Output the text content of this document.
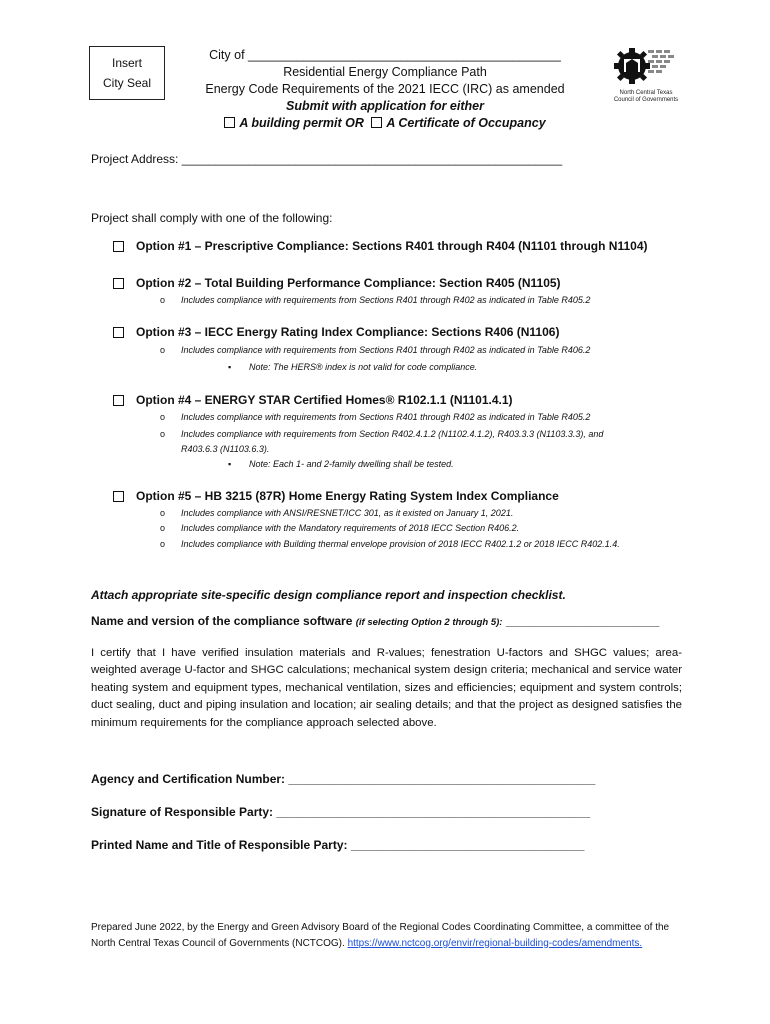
Insert
City Seal
City of _____________________________________________
Residential Energy Compliance Path
Energy Code Requirements of the 2021 IECC (IRC) as amended
Submit with application for either
A building permit OR A Certificate of Occupancy
North Central Texas
Council of Governments
Project Address: _________________________________________________________
Project shall comply with one of the following:
Option #1 – Prescriptive Compliance: Sections R401 through R404 (N1101 through N1104)
Option #2 – Total Building Performance Compliance: Section R405 (N1105)
o Includes compliance with requirements from Sections R401 through R402 as indicated in Table R405.2
Option #3 – IECC Energy Rating Index Compliance: Sections R406 (N1106)
o Includes compliance with requirements from Sections R401 through R402 as indicated in Table R406.2
▪ Note: The HERS® index is not valid for code compliance.
Option #4 – ENERGY STAR Certified Homes® R102.1.1 (N1101.4.1)
o Includes compliance with requirements from Sections R401 through R402 as indicated in Table R405.2
o Includes compliance with requirements from Section R402.4.1.2 (N1102.4.1.2), R403.3.3 (N1103.3.3), and
R403.6.3 (N1103.6.3).
▪ Note: Each 1- and 2-family dwelling shall be tested.
Option #5 – HB 3215 (87R) Home Energy Rating System Index Compliance
o Includes compliance with ANSI/RESNET/ICC 301, as it existed on January 1, 2021.
o Includes compliance with the Mandatory requirements of 2018 IECC Section R406.2.
o Includes compliance with Building thermal envelope provision of 2018 IECC R402.1.2 or 2018 IECC R402.1.4.
Attach appropriate site-specific design compliance report and inspection checklist.
Name and version of the compliance software (if selecting Option 2 through 5): _______________________
I certify that I have verified insulation materials and R-values; fenestration U-factors and SHGC values; area-weighted average U-factor and SHGC calculations; mechanical system design criteria; mechanical and service water heating system and equipment types, mechanical ventilation, sizes and efficiencies; equipment and system controls; duct sealing, duct and piping insulation and location; air sealing details; and that the project as designed satisfies the minimum requirements for the compliance approach selected above.
Agency and Certification Number: ______________________________________________
Signature of Responsible Party: _______________________________________________
Printed Name and Title of Responsible Party: ___________________________________
Prepared June 2022, by the Energy and Green Advisory Board of the Regional Codes Coordinating Committee, a committee of the North Central Texas Council of Governments (NCTCOG). https://www.nctcog.org/envir/regional-building-codes/amendments.
